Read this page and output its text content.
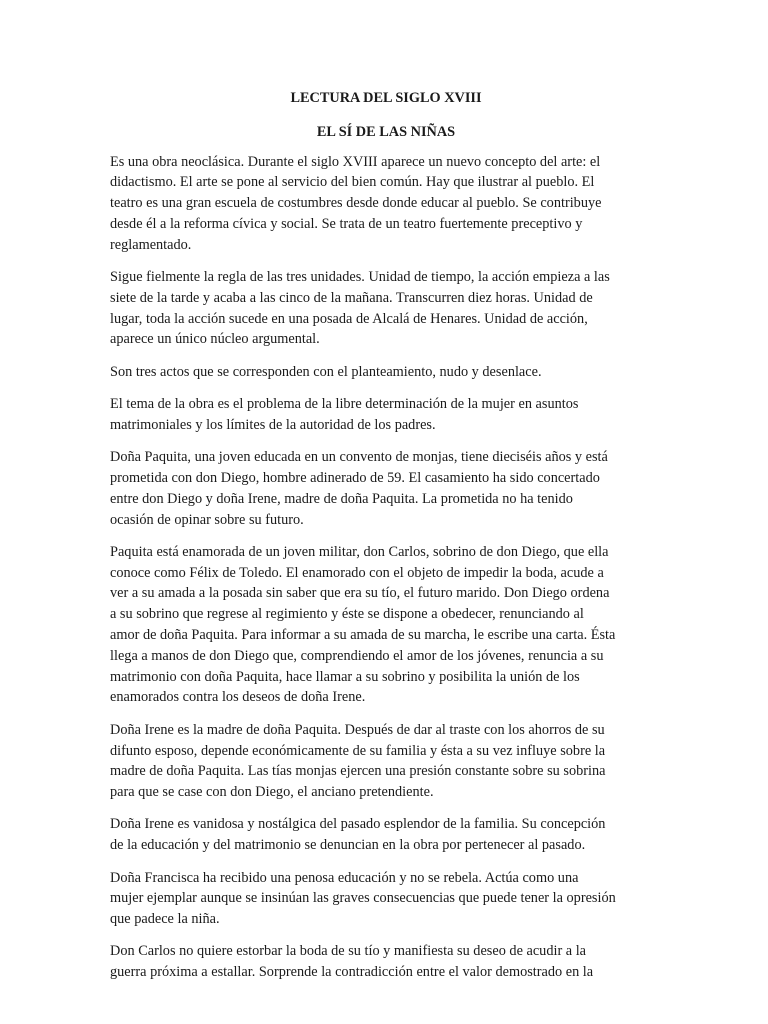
LECTURA DEL SIGLO XVIII
EL SÍ DE LAS NIÑAS

Es una obra neoclásica. Durante el siglo XVIII aparece un nuevo concepto del arte: el
didactismo. El arte se pone al servicio del bien común. Hay que ilustrar al pueblo. El
teatro es una gran escuela de costumbres desde donde educar al pueblo. Se contribuye
desde él a la reforma cívica y social. Se trata de un teatro fuertemente preceptivo y
reglamentado.

Sigue fielmente la regla de las tres unidades. Unidad de tiempo, la acción empieza a las
siete de la tarde y acaba a las cinco de la mañana. Transcurren diez horas. Unidad de
lugar, toda la acción sucede en una posada de Alcalá de Henares. Unidad de acción,
aparece un único núcleo argumental.

Son tres actos que se corresponden con el planteamiento, nudo y desenlace.

El tema de la obra es el problema de la libre determinación de la mujer en asuntos
matrimoniales y los límites de la autoridad de los padres.

Doña Paquita, una joven educada en un convento de monjas, tiene dieciséis años y está
prometida con don Diego, hombre adinerado de 59. El casamiento ha sido concertado
entre don Diego y doña Irene, madre de doña Paquita. La prometida no ha tenido
ocasión de opinar sobre su futuro.

Paquita está enamorada de un joven militar, don Carlos, sobrino de don Diego, que ella
conoce como Félix de Toledo. El enamorado con el objeto de impedir la boda, acude a
ver a su amada a la posada sin saber que era su tío, el futuro marido. Don Diego ordena
a su sobrino que regrese al regimiento y éste se dispone a obedecer, renunciando al
amor de doña Paquita. Para informar a su amada de su marcha, le escribe una carta. Ésta
llega a manos de don Diego que, comprendiendo el amor de los jóvenes, renuncia a su
matrimonio con doña Paquita, hace llamar a su sobrino y posibilita la unión de los
enamorados contra los deseos de doña Irene.

Doña Irene es la madre de doña Paquita. Después de dar al traste con los ahorros de su
difunto esposo, depende económicamente de su familia y ésta a su vez influye sobre la
madre de doña Paquita. Las tías monjas ejercen una presión constante sobre su sobrina
para que se case con don Diego, el anciano pretendiente.

Doña Irene es vanidosa y nostálgica del pasado esplendor de la familia. Su concepción
de la educación y del matrimonio se denuncian en la obra por pertenecer al pasado.

Doña Francisca ha recibido una penosa educación y no se rebela. Actúa como una
mujer ejemplar aunque se insinúan las graves consecuencias que puede tener la opresión
que padece la niña.

Don Carlos no quiere estorbar la boda de su tío y manifiesta su deseo de acudir a la
guerra próxima a estallar. Sorprende la contradicción entre el valor demostrado en la
